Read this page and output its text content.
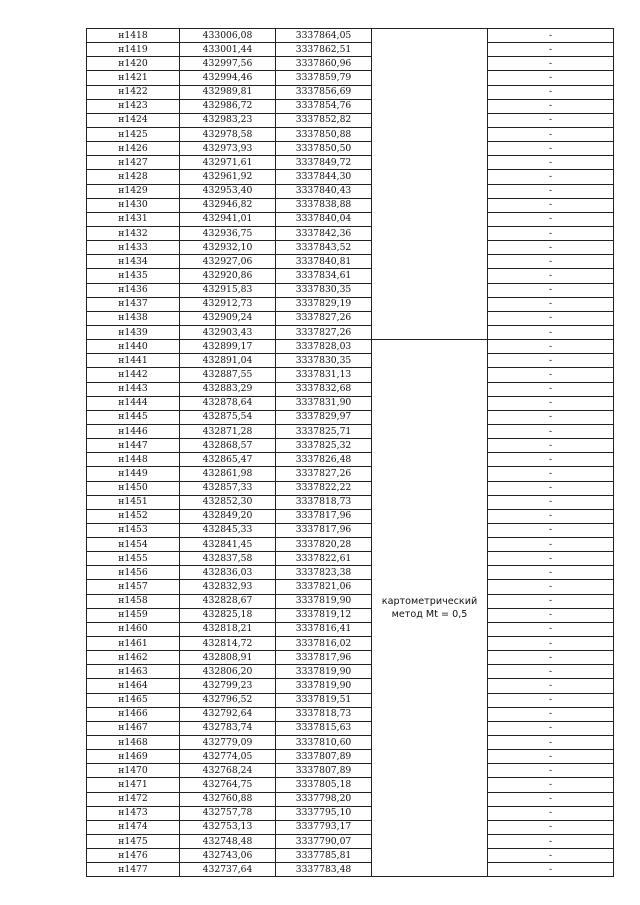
н1418	433006,08	3337864,05		-
н1419	433001,44	3337862,51		-
н1420	432997,56	3337860,96		-
н1421	432994,46	3337859,79		-
н1422	432989,81	3337856,69		-
н1423	432986,72	3337854,76		-
н1424	432983,23	3337852,82		-
н1425	432978,58	3337850,88		-
н1426	432973,93	3337850,50		-
н1427	432971,61	3337849,72		-
н1428	432961,92	3337844,30		-
н1429	432953,40	3337840,43		-
н1430	432946,82	3337838,88		-
н1431	432941,01	3337840,04		-
н1432	432936,75	3337842,36		-
н1433	432932,10	3337843,52		-
н1434	432927,06	3337840,81		-
н1435	432920,86	3337834,61		-
н1436	432915,83	3337830,35		-
н1437	432912,73	3337829,19		-
н1438	432909,24	3337827,26		-
н1439	432903,43	3337827,26		-
н1440	432899,17	3337828,03	картометрический метод Mt = 0,5	-
н1441	432891,04	3337830,35		-
н1442	432887,55	3337831,13		-
н1443	432883,29	3337832,68		-
н1444	432878,64	3337831,90		-
н1445	432875,54	3337829,97		-
н1446	432871,28	3337825,71		-
н1447	432868,57	3337825,32		-
н1448	432865,47	3337826,48		-
н1449	432861,98	3337827,26		-
н1450	432857,33	3337822,22		-
н1451	432852,30	3337818,73		-
н1452	432849,20	3337817,96		-
н1453	432845,33	3337817,96		-
н1454	432841,45	3337820,28		-
н1455	432837,58	3337822,61		-
н1456	432836,03	3337823,38		-
н1457	432832,93	3337821,06		-
н1458	432828,67	3337819,90		-
н1459	432825,18	3337819,12		-
н1460	432818,21	3337816,41		-
н1461	432814,72	3337816,02		-
н1462	432808,91	3337817,96		-
н1463	432806,20	3337819,90		-
н1464	432799,23	3337819,90		-
н1465	432796,52	3337819,51		-
н1466	432792,64	3337818,73		-
н1467	432783,74	3337815,63		-
н1468	432779,09	3337810,60		-
н1469	432774,05	3337807,89		-
н1470	432768,24	3337807,89		-
н1471	432764,75	3337805,18		-
н1472	432760,88	3337798,20		-
н1473	432757,78	3337795,10		-
н1474	432753,13	3337793,17		-
н1475	432748,48	3337790,07		-
н1476	432743,06	3337785,81		-
н1477	432737,64	3337783,48		-
